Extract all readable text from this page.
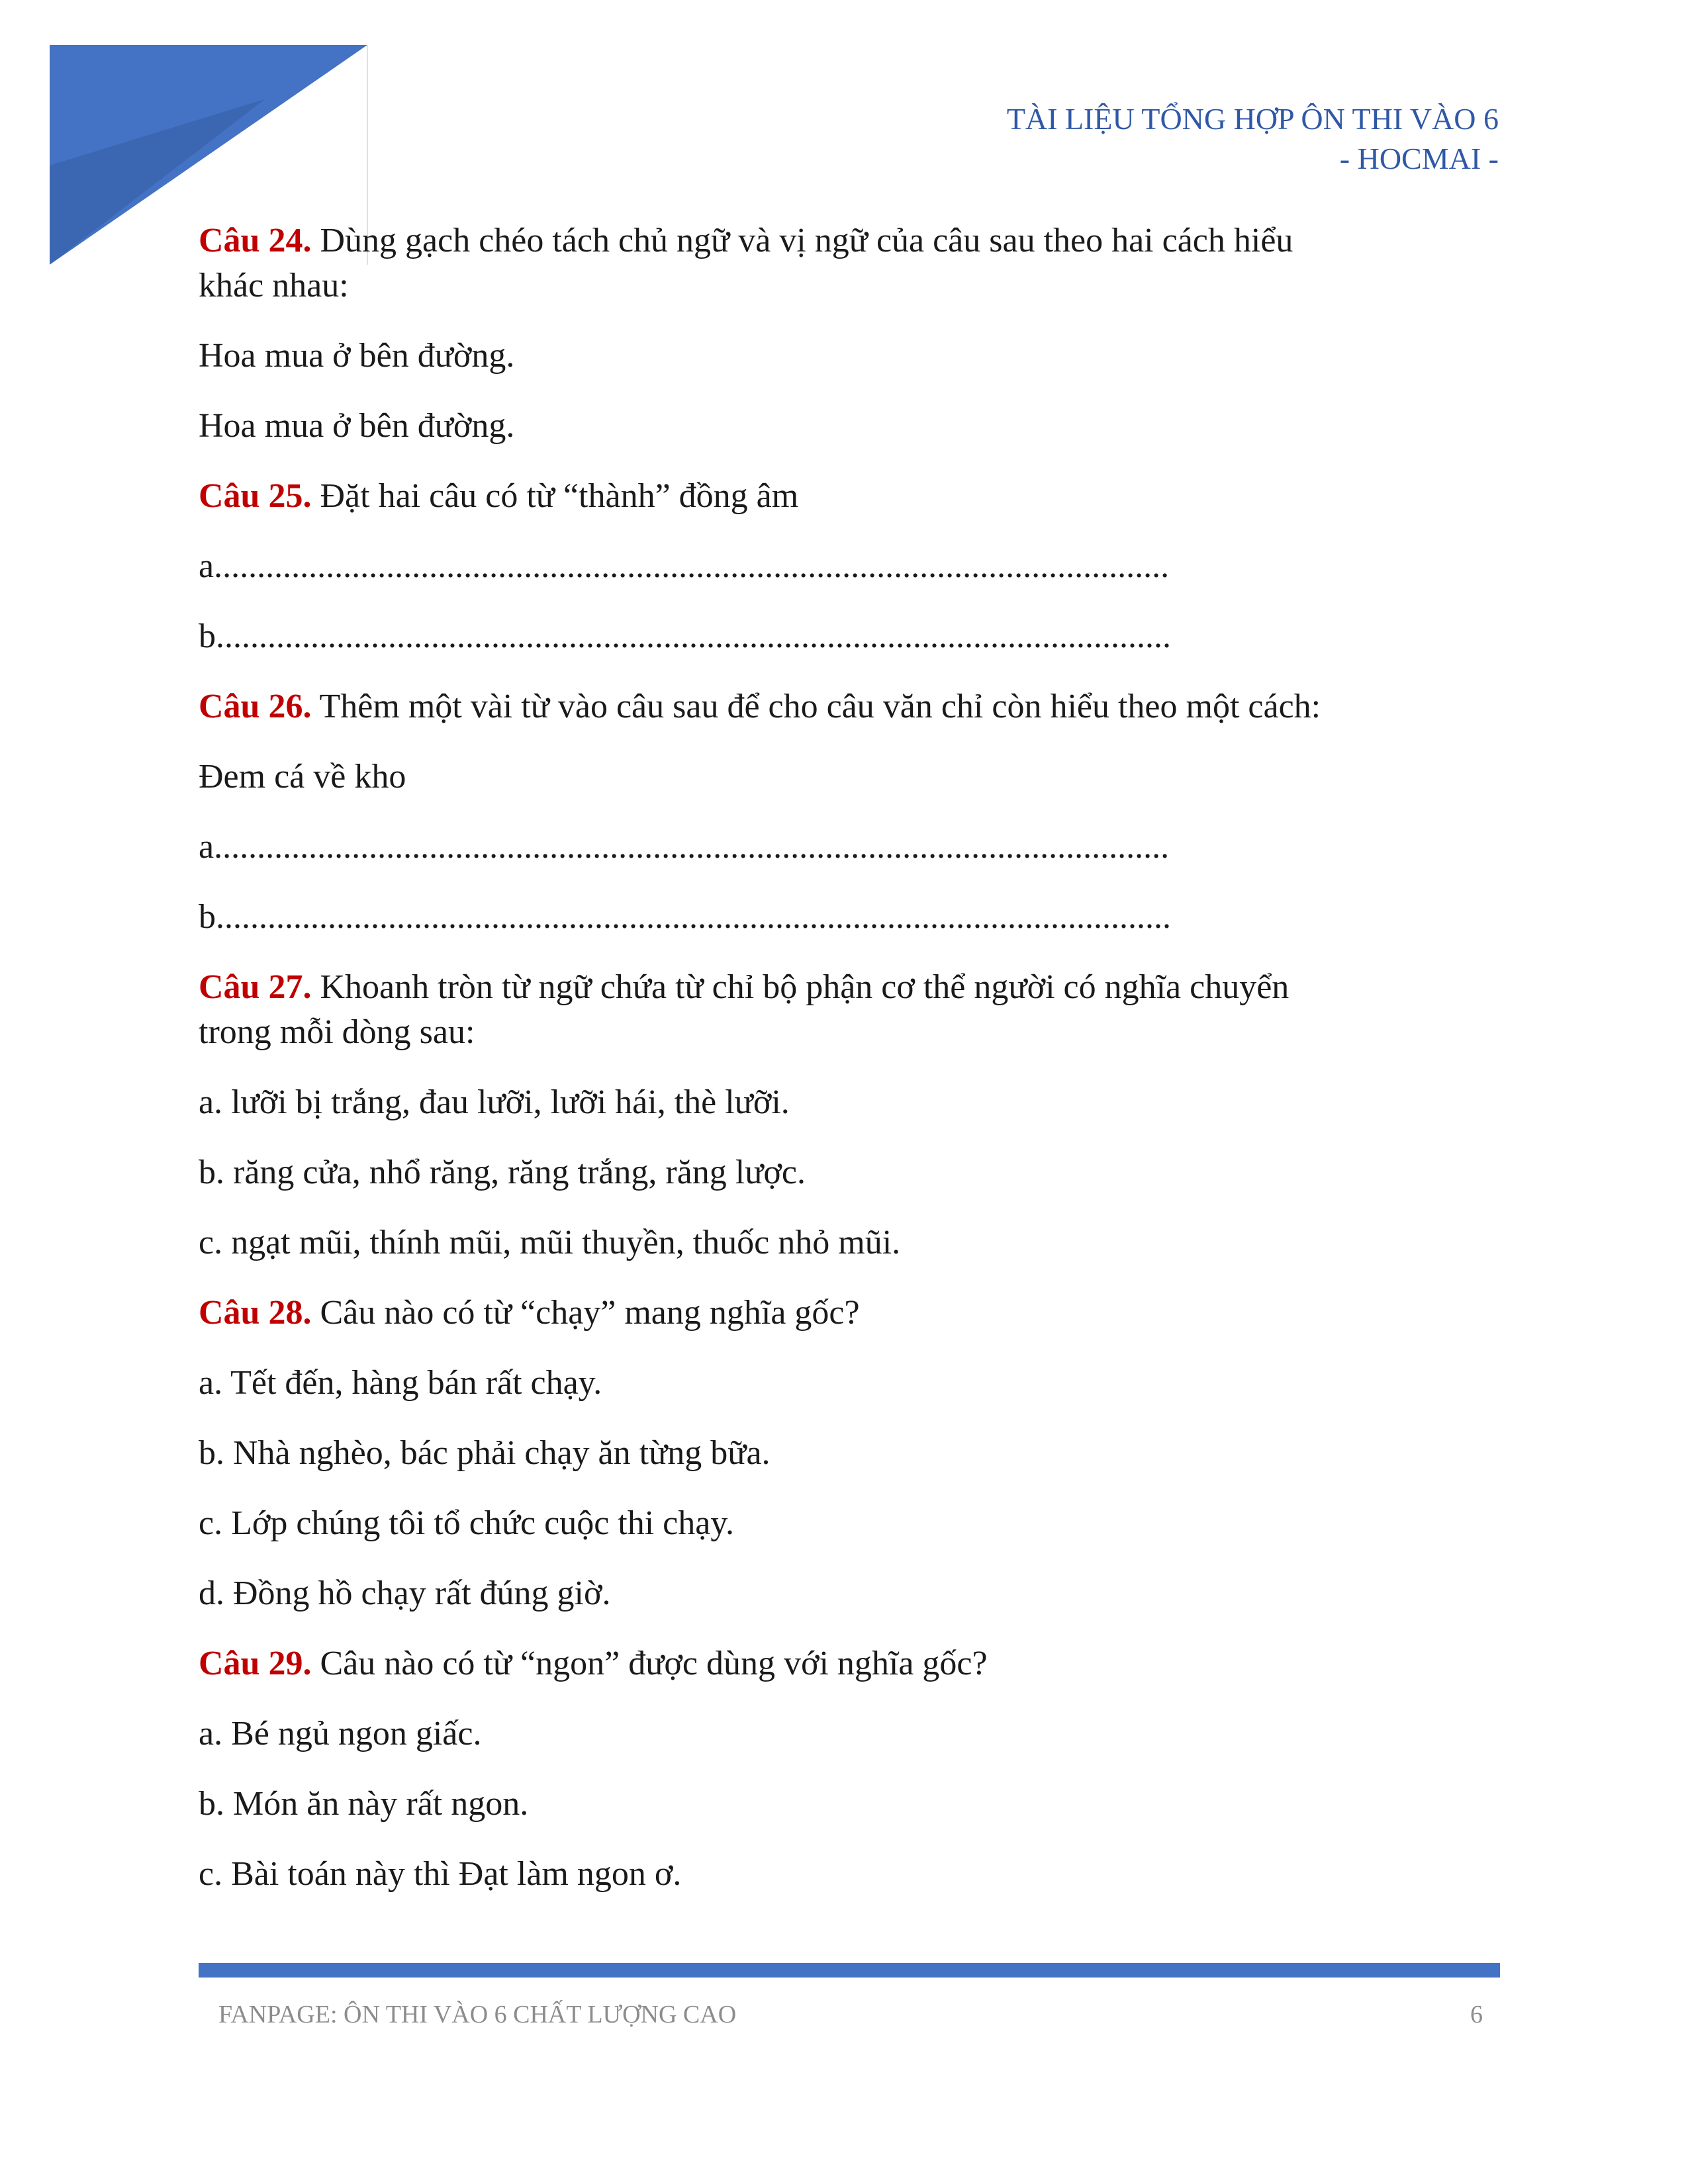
TÀI LIỆU TỔNG HỢP ÔN THI VÀO 6
- HOCMAI -

Câu 24. Dùng gạch chéo tách chủ ngữ và vị ngữ của câu sau theo hai cách hiểu

khác nhau:

Hoa mua ở bên đường.

Hoa mua ở bên đường.

Câu 25. Đặt hai câu có từ “thành” đồng âm

a...............................................................................................................

b...............................................................................................................

Câu 26. Thêm một vài từ vào câu sau để cho câu văn chỉ còn hiểu theo một cách:

Đem cá về kho

a...............................................................................................................

b...............................................................................................................

Câu 27. Khoanh tròn từ ngữ chứa từ chỉ bộ phận cơ thể người có nghĩa chuyển

trong mỗi dòng sau:

a. lưỡi bị trắng, đau lưỡi, lưỡi hái, thè lưỡi.

b. răng cửa, nhổ răng, răng trắng, răng lược.

c. ngạt mũi, thính mũi, mũi thuyền, thuốc nhỏ mũi.

Câu 28. Câu nào có từ “chạy” mang nghĩa gốc?

a. Tết đến, hàng bán rất chạy.

b. Nhà nghèo, bác phải chạy ăn từng bữa.

c. Lớp chúng tôi tổ chức cuộc thi chạy.

d. Đồng hồ chạy rất đúng giờ.

Câu 29. Câu nào có từ “ngon” được dùng với nghĩa gốc?

a. Bé ngủ ngon giấc.

b. Món ăn này rất ngon.

c. Bài toán này thì Đạt làm ngon ơ.

FANPAGE: ÔN THI VÀO 6 CHẤT LƯỢNG CAO	6
